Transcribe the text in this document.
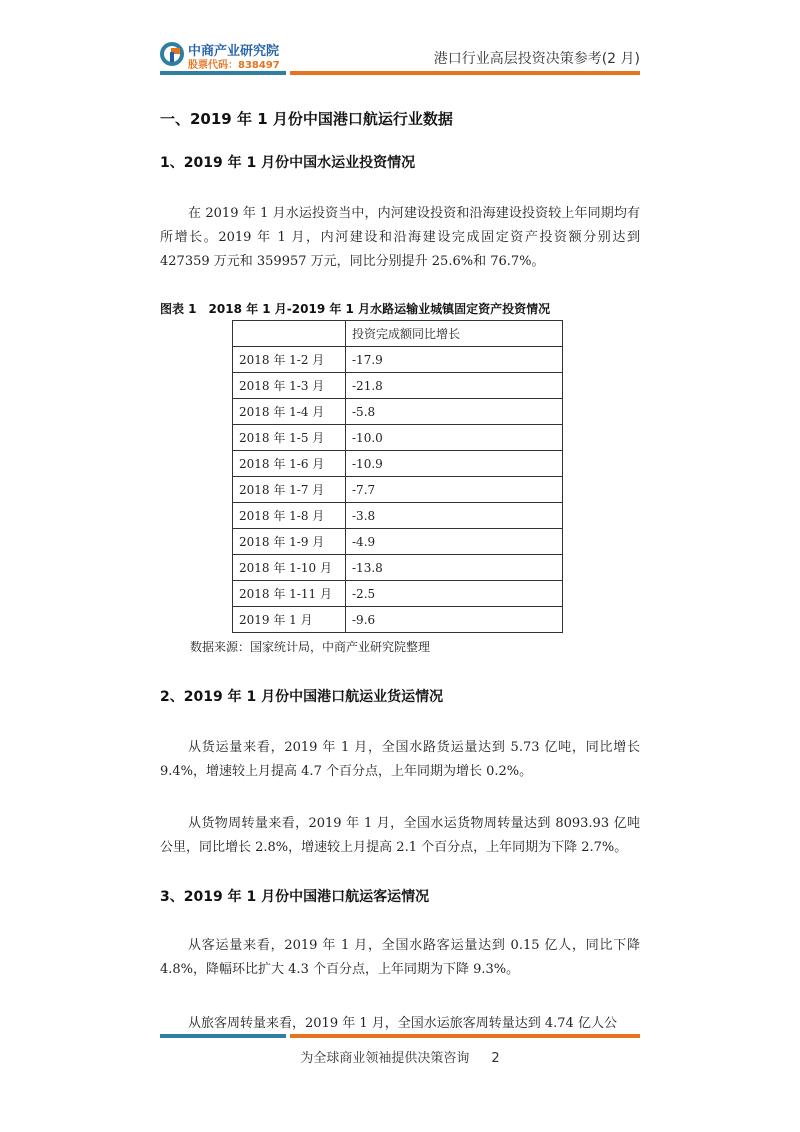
中商产业研究院
股票代码：838497	港口行业高层投资决策参考(2 月)
一、2019 年 1 月份中国港口航运行业数据
1、2019 年 1 月份中国水运业投资情况
在 2019 年 1 月水运投资当中，内河建设投资和沿海建设投资较上年同期均有所增长。2019 年 1 月，内河建设和沿海建设完成固定资产投资额分别达到 427359 万元和 359957 万元，同比分别提升 25.6%和 76.7%。
图表 1　2018 年 1 月-2019 年 1 月水路运输业城镇固定资产投资情况
	投资完成额同比增长
2018 年 1-2 月	-17.9
2018 年 1-3 月	-21.8
2018 年 1-4 月	-5.8
2018 年 1-5 月	-10.0
2018 年 1-6 月	-10.9
2018 年 1-7 月	-7.7
2018 年 1-8 月	-3.8
2018 年 1-9 月	-4.9
2018 年 1-10 月	-13.8
2018 年 1-11 月	-2.5
2019 年 1 月	-9.6
数据来源：国家统计局，中商产业研究院整理
2、2019 年 1 月份中国港口航运业货运情况
从货运量来看，2019 年 1 月，全国水路货运量达到 5.73 亿吨，同比增长 9.4%，增速较上月提高 4.7 个百分点，上年同期为增长 0.2%。
从货物周转量来看，2019 年 1 月，全国水运货物周转量达到 8093.93 亿吨公里，同比增长 2.8%，增速较上月提高 2.1 个百分点，上年同期为下降 2.7%。
3、2019 年 1 月份中国港口航运客运情况
从客运量来看，2019 年 1 月，全国水路客运量达到 0.15 亿人，同比下降 4.8%，降幅环比扩大 4.3 个百分点，上年同期为下降 9.3%。
从旅客周转量来看，2019 年 1 月，全国水运旅客周转量达到 4.74 亿人公
为全球商业领袖提供决策咨询 2
